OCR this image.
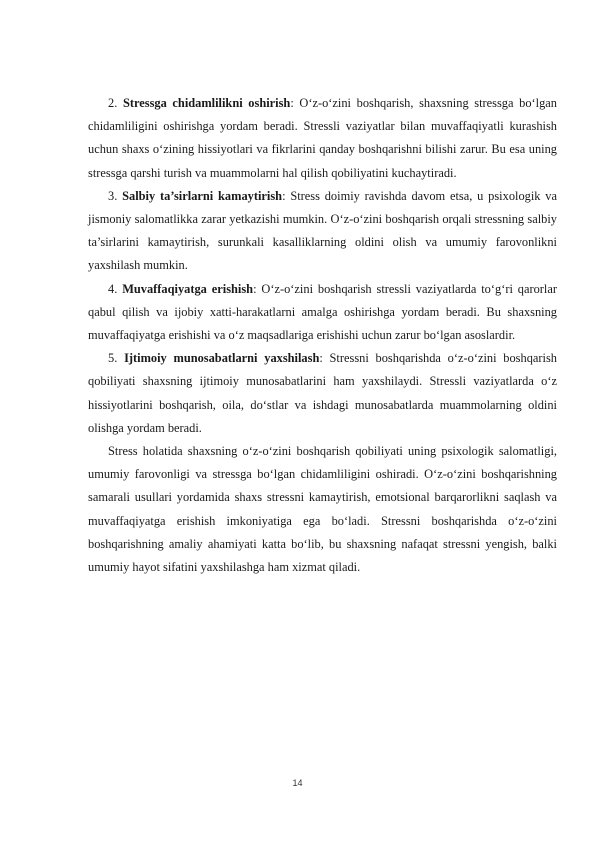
2. Stressga chidamlilikni oshirish: O‘z-o‘zini boshqarish, shaxsning stressga bo‘lgan chidamliligini oshirishga yordam beradi. Stressli vaziyatlar bilan muvaffaqiyatli kurashish uchun shaxs o‘zining hissiyotlari va fikrlarini qanday boshqarishni bilishi zarur. Bu esa uning stressga qarshi turish va muammolarni hal qilish qobiliyatini kuchaytiradi.

3. Salbiy ta’sirlarni kamaytirish: Stress doimiy ravishda davom etsa, u psixologik va jismoniy salomatlikka zarar yetkazishi mumkin. O‘z-o‘zini boshqarish orqali stressning salbiy ta’sirlarini kamaytirish, surunkali kasalliklarning oldini olish va umumiy farovonlikni yaxshilash mumkin.

4. Muvaffaqiyatga erishish: O‘z-o‘zini boshqarish stressli vaziyatlarda to‘g‘ri qarorlar qabul qilish va ijobiy xatti-harakatlarni amalga oshirishga yordam beradi. Bu shaxsning muvaffaqiyatga erishishi va o‘z maqsadlariga erishishi uchun zarur bo‘lgan asoslardir.

5. Ijtimoiy munosabatlarni yaxshilash: Stressni boshqarishda o‘z-o‘zini boshqarish qobiliyati shaxsning ijtimoiy munosabatlarini ham yaxshilaydi. Stressli vaziyatlarda o‘z hissiyotlarini boshqarish, oila, do‘stlar va ishdagi munosabatlarda muammolarning oldini olishga yordam beradi.

Stress holatida shaxsning o‘z-o‘zini boshqarish qobiliyati uning psixologik salomatligi, umumiy farovonligi va stressga bo‘lgan chidamliligini oshiradi. O‘z-o‘zini boshqarishning samarali usullari yordamida shaxs stressni kamaytirish, emotsional barqarorlikni saqlash va muvaffaqiyatga erishish imkoniyatiga ega bo‘ladi. Stressni boshqarishda o‘z-o‘zini boshqarishning amaliy ahamiyati katta bo‘lib, bu shaxsning nafaqat stressni yengish, balki umumiy hayot sifatini yaxshilashga ham xizmat qiladi.

14
